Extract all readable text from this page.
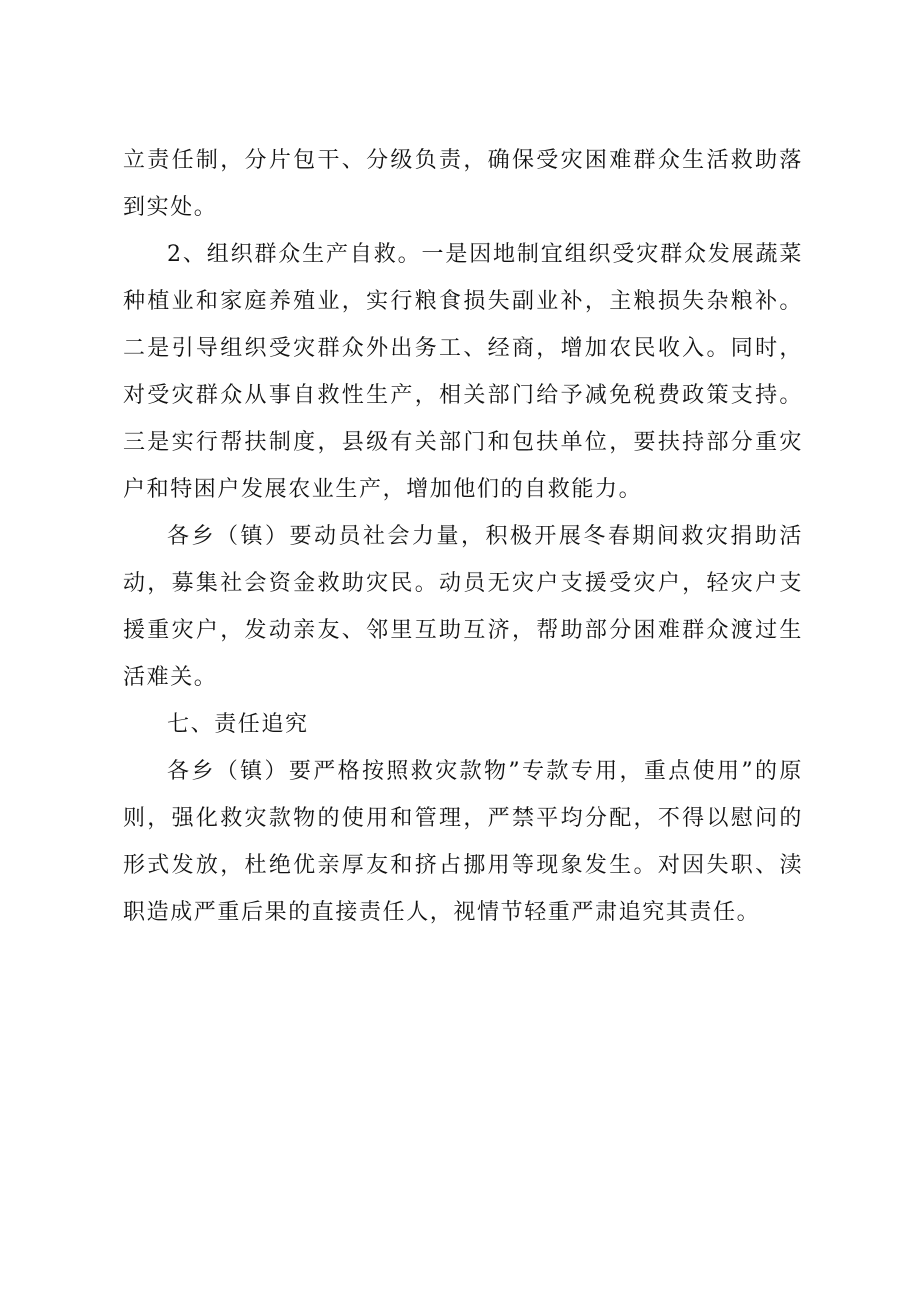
立责任制，分片包干、分级负责，确保受灾困难群众生活救助落到实处。

2、组织群众生产自救。一是因地制宜组织受灾群众发展蔬菜种植业和家庭养殖业，实行粮食损失副业补，主粮损失杂粮补。二是引导组织受灾群众外出务工、经商，增加农民收入。同时，对受灾群众从事自救性生产，相关部门给予减免税费政策支持。三是实行帮扶制度，县级有关部门和包扶单位，要扶持部分重灾户和特困户发展农业生产，增加他们的自救能力。

各乡（镇）要动员社会力量，积极开展冬春期间救灾捐助活动，募集社会资金救助灾民。动员无灾户支援受灾户，轻灾户支援重灾户，发动亲友、邻里互助互济，帮助部分困难群众渡过生活难关。

七、责任追究

各乡（镇）要严格按照救灾款物”专款专用，重点使用”的原则，强化救灾款物的使用和管理，严禁平均分配，不得以慰问的形式发放，杜绝优亲厚友和挤占挪用等现象发生。对因失职、渎职造成严重后果的直接责任人，视情节轻重严肃追究其责任。
